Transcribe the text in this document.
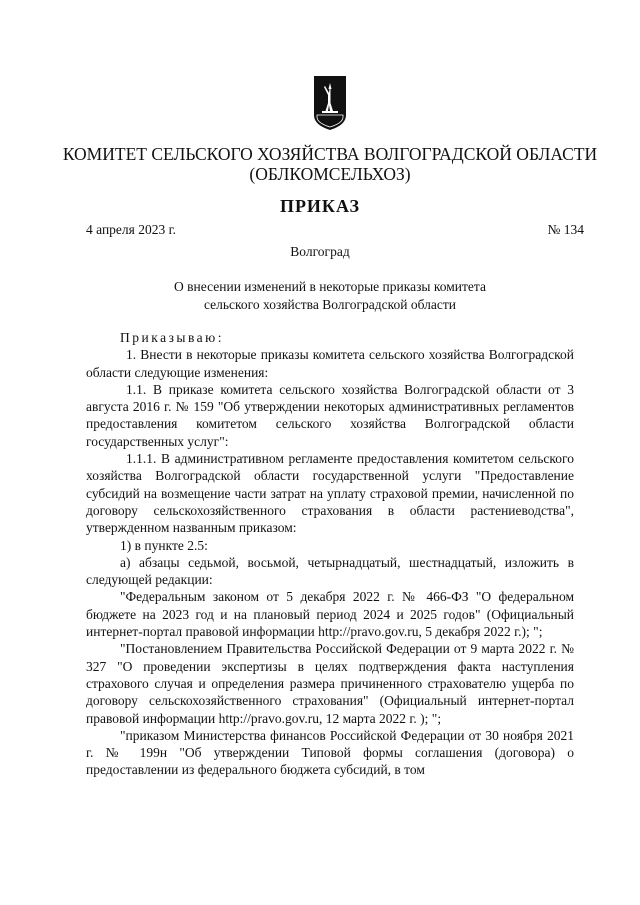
КОМИТЕТ СЕЛЬСКОГО ХОЗЯЙСТВА ВОЛГОГРАДСКОЙ ОБЛАСТИ
(ОБЛКОМСЕЛЬХОЗ)
ПРИКАЗ
4 апреля 2023 г.	№ 134
Волгоград
О внесении изменений в некоторые приказы комитета
сельского хозяйства Волгоградской области

Приказываю:

1. Внести в некоторые приказы комитета сельского хозяйства Волгоградской области следующие изменения:

1.1. В приказе комитета сельского хозяйства Волгоградской области от 3 августа 2016 г. № 159 "Об утверждении некоторых административных регламентов предоставления комитетом сельского хозяйства Волгоградской области государственных услуг":

1.1.1. В административном регламенте предоставления комитетом сельского хозяйства Волгоградской области государственной услуги "Предоставление субсидий на возмещение части затрат на уплату страховой премии, начисленной по договору сельскохозяйственного страхования в области растениеводства", утвержденном названным приказом:

1) в пункте 2.5:

а) абзацы седьмой, восьмой, четырнадцатый, шестнадцатый, изложить в следующей редакции:

"Федеральным законом от 5 декабря 2022 г. № 466-ФЗ "О федеральном бюджете на 2023 год и на плановый период 2024 и 2025 годов" (Официальный интернет-портал правовой информации http://pravo.gov.ru, 5 декабря 2022 г.); ";

"Постановлением Правительства Российской Федерации от 9 марта 2022 г. № 327 "О проведении экспертизы в целях подтверждения факта наступления страхового случая и определения размера причиненного страхователю ущерба по договору сельскохозяйственного страхования" (Официальный интернет-портал правовой информации http://pravo.gov.ru, 12 марта 2022 г. ); ";

"приказом Министерства финансов Российской Федерации от 30 ноября 2021 г. № 199н "Об утверждении Типовой формы соглашения (договора) о предоставлении из федерального бюджета субсидий, в том
